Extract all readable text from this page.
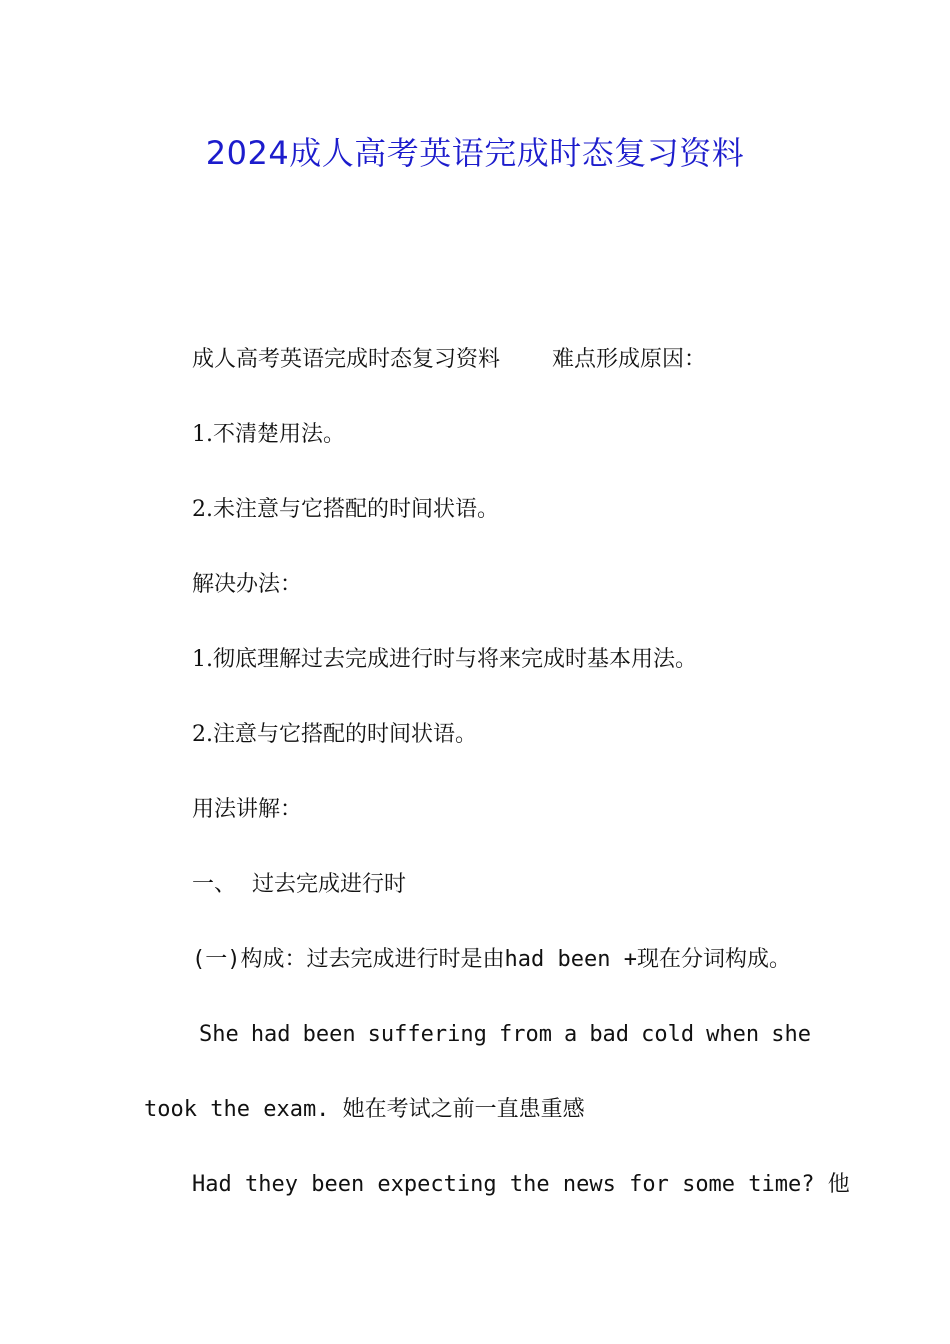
2024成人高考英语完成时态复习资料
成人高考英语完成时态复习资料 难点形成原因：
1.不清楚用法。
2.未注意与它搭配的时间状语。
解决办法：
1.彻底理解过去完成进行时与将来完成时基本用法。
2.注意与它搭配的时间状语。
用法讲解：
一、 过去完成进行时
(一)构成：过去完成进行时是由had been +现在分词构成。
She had been suffering from a bad cold when she
took the exam. 她在考试之前一直患重感
Had they been expecting the news for some time? 他
